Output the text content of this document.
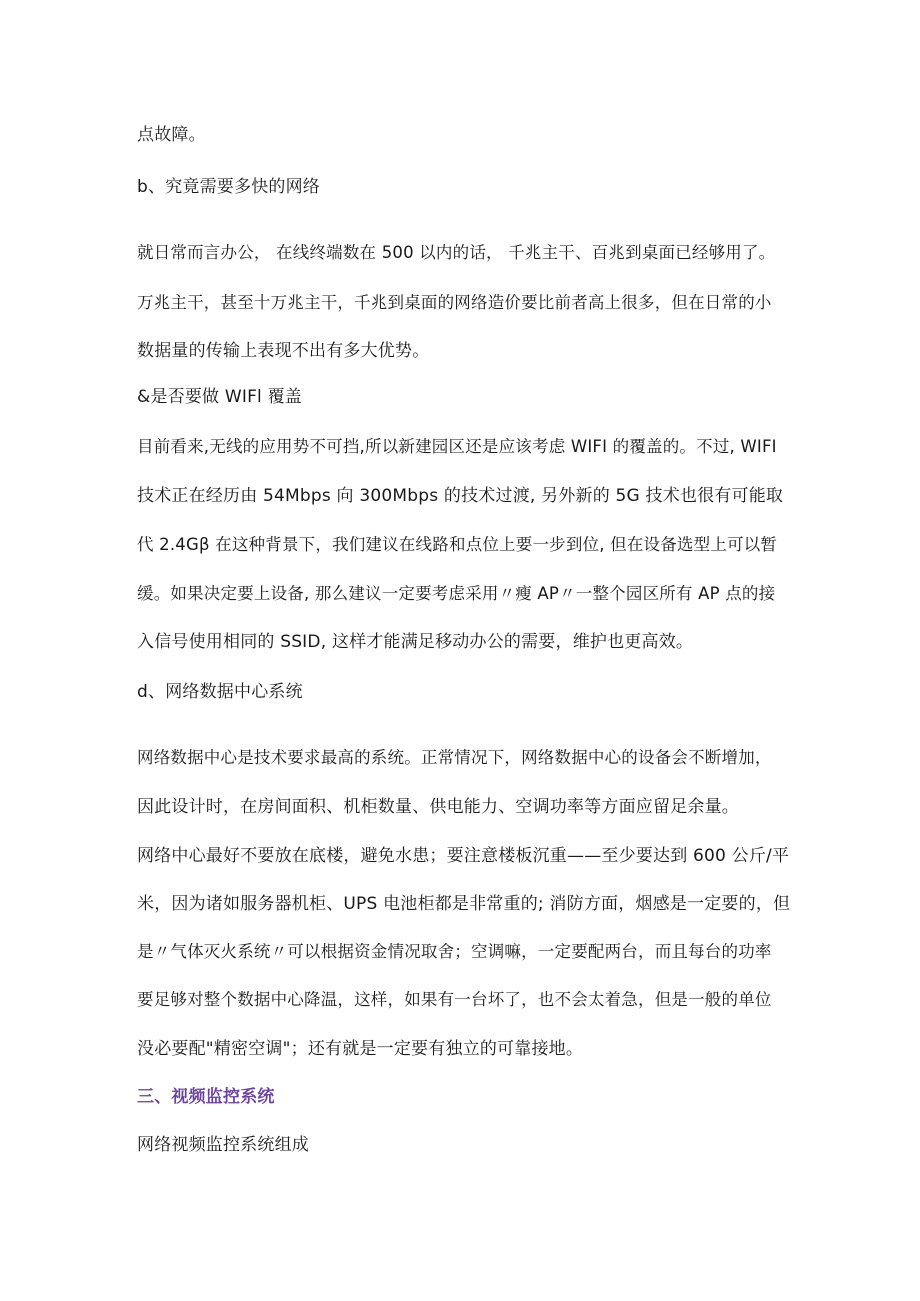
点故障。
b、究竟需要多快的网络
就日常而言办公， 在线终端数在 500 以内的话， 千兆主干、百兆到桌面已经够用了。
万兆主干，甚至十万兆主干，千兆到桌面的网络造价要比前者高上很多，但在日常的小
数据量的传输上表现不出有多大优势。
&是否要做 WIFl 覆盖
目前看来,无线的应用势不可挡,所以新建园区还是应该考虑 WIFI 的覆盖的。不过, WIFI
技术正在经历由 54Mbps 向 300Mbps 的技术过渡, 另外新的 5G 技术也很有可能取
代 2.4Gβ 在这种背景下，我们建议在线路和点位上要一步到位, 但在设备选型上可以暂
缓。如果决定要上设备, 那么建议一定要考虑采用〃瘦 AP〃一整个园区所有 AP 点的接
入信号使用相同的 SSID, 这样才能满足移动办公的需要，维护也更高效。
d、网络数据中心系统
网络数据中心是技术要求最高的系统。正常情况下，网络数据中心的设备会不断增加，
因此设计时，在房间面积、机柜数量、供电能力、空调功率等方面应留足余量。
网络中心最好不要放在底楼，避免水患；要注意楼板沉重——至少要达到 600 公斤/平
米，因为诸如服务器机柜、UPS 电池柜都是非常重的; 消防方面，烟感是一定要的，但
是〃气体灭火系统〃可以根据资金情况取舍；空调嘛，一定要配两台，而且每台的功率
要足够对整个数据中心降温，这样，如果有一台坏了，也不会太着急，但是一般的单位
没必要配"精密空调"；还有就是一定要有独立的可靠接地。
三、视频监控系统
网络视频监控系统组成
